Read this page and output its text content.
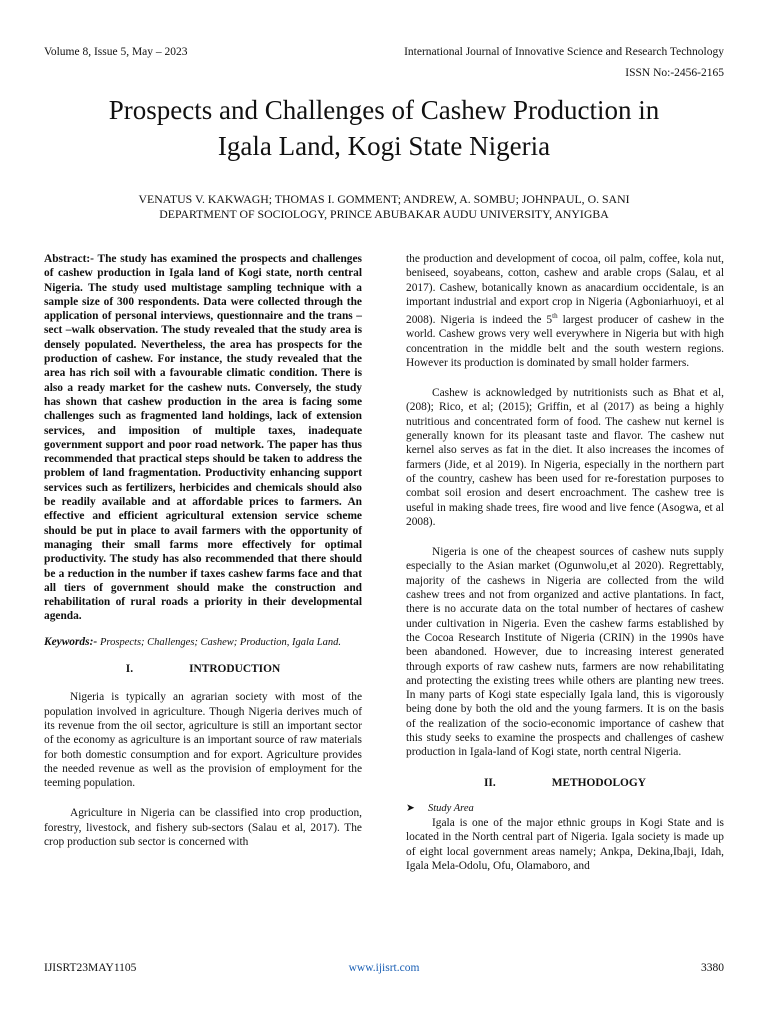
Volume 8, Issue 5, May – 2023	International Journal of Innovative Science and Research Technology
ISSN No:-2456-2165
Prospects and Challenges of Cashew Production in
Igala Land, Kogi State Nigeria
VENATUS V. KAKWAGH; THOMAS I. GOMMENT; ANDREW, A. SOMBU; JOHNPAUL, O. SANI
DEPARTMENT OF SOCIOLOGY, PRINCE ABUBAKAR AUDU UNIVERSITY, ANYIGBA

Abstract:- The study has examined the prospects and challenges of cashew production in Igala land of Kogi state, north central Nigeria. The study used multistage sampling technique with a sample size of 300 respondents. Data were collected through the application of personal interviews, questionnaire and the trans –sect –walk observation. The study revealed that the study area is densely populated. Nevertheless, the area has prospects for the production of cashew. For instance, the study revealed that the area has rich soil with a favourable climatic condition. There is also a ready market for the cashew nuts. Conversely, the study has shown that cashew production in the area is facing some challenges such as fragmented land holdings, lack of extension services, and imposition of multiple taxes, inadequate government support and poor road network. The paper has thus recommended that practical steps should be taken to address the problem of land fragmentation. Productivity enhancing support services such as fertilizers, herbicides and chemicals should also be readily available and at affordable prices to farmers. An effective and efficient agricultural extension service scheme should be put in place to avail farmers with the opportunity of managing their small farms more effectively for optimal productivity. The study has also recommended that there should be a reduction in the number if taxes cashew farms face and that all tiers of government should make the construction and rehabilitation of rural roads a priority in their developmental agenda.

Keywords:- Prospects; Challenges; Cashew; Production, Igala Land.

I.	INTRODUCTION

Nigeria is typically an agrarian society with most of the population involved in agriculture. Though Nigeria derives much of its revenue from the oil sector, agriculture is still an important sector of the economy as agriculture is an important source of raw materials for both domestic consumption and for export. Agriculture provides the needed revenue as well as the provision of employment for the teeming population.

Agriculture in Nigeria can be classified into crop production, forestry, livestock, and fishery sub-sectors (Salau et al, 2017). The crop production sub sector is concerned with

the production and development of cocoa, oil palm, coffee, kola nut, beniseed, soyabeans, cotton, cashew and arable crops (Salau, et al 2017). Cashew, botanically known as anacardium occidentale, is an important industrial and export crop in Nigeria (Agboniarhuoyi, et al 2008). Nigeria is indeed the 5th largest producer of cashew in the world. Cashew grows very well everywhere in Nigeria but with high concentration in the middle belt and the south western regions. However its production is dominated by small holder farmers.

Cashew is acknowledged by nutritionists such as Bhat et al, (208); Rico, et al; (2015); Griffin, et al (2017) as being a highly nutritious and concentrated form of food. The cashew nut kernel is generally known for its pleasant taste and flavor. The cashew nut kernel also serves as fat in the diet. It also increases the incomes of farmers (Jide, et al 2019). In Nigeria, especially in the northern part of the country, cashew has been used for re-forestation purposes to combat soil erosion and desert encroachment. The cashew tree is useful in making shade trees, fire wood and live fence (Asogwa, et al 2008).

Nigeria is one of the cheapest sources of cashew nuts supply especially to the Asian market (Ogunwolu,et al 2020). Regrettably, majority of the cashews in Nigeria are collected from the wild cashew trees and not from organized and active plantations. In fact, there is no accurate data on the total number of hectares of cashew under cultivation in Nigeria. Even the cashew farms established by the Cocoa Research Institute of Nigeria (CRIN) in the 1990s have been abandoned. However, due to increasing interest generated through exports of raw cashew nuts, farmers are now rehabilitating and protecting the existing trees while others are planting new trees. In many parts of Kogi state especially Igala land, this is vigorously being done by both the old and the young farmers. It is on the basis of the realization of the socio-economic importance of cashew that this study seeks to examine the prospects and challenges of cashew production in Igala-land of Kogi state, north central Nigeria.

II.	METHODOLOGY

➤ Study Area

Igala is one of the major ethnic groups in Kogi State and is located in the North central part of Nigeria. Igala society is made up of eight local government areas namely; Ankpa, Dekina,Ibaji, Idah, Igala Mela-Odolu, Ofu, Olamaboro, and

IJISRT23MAY1105	www.ijisrt.com	3380
